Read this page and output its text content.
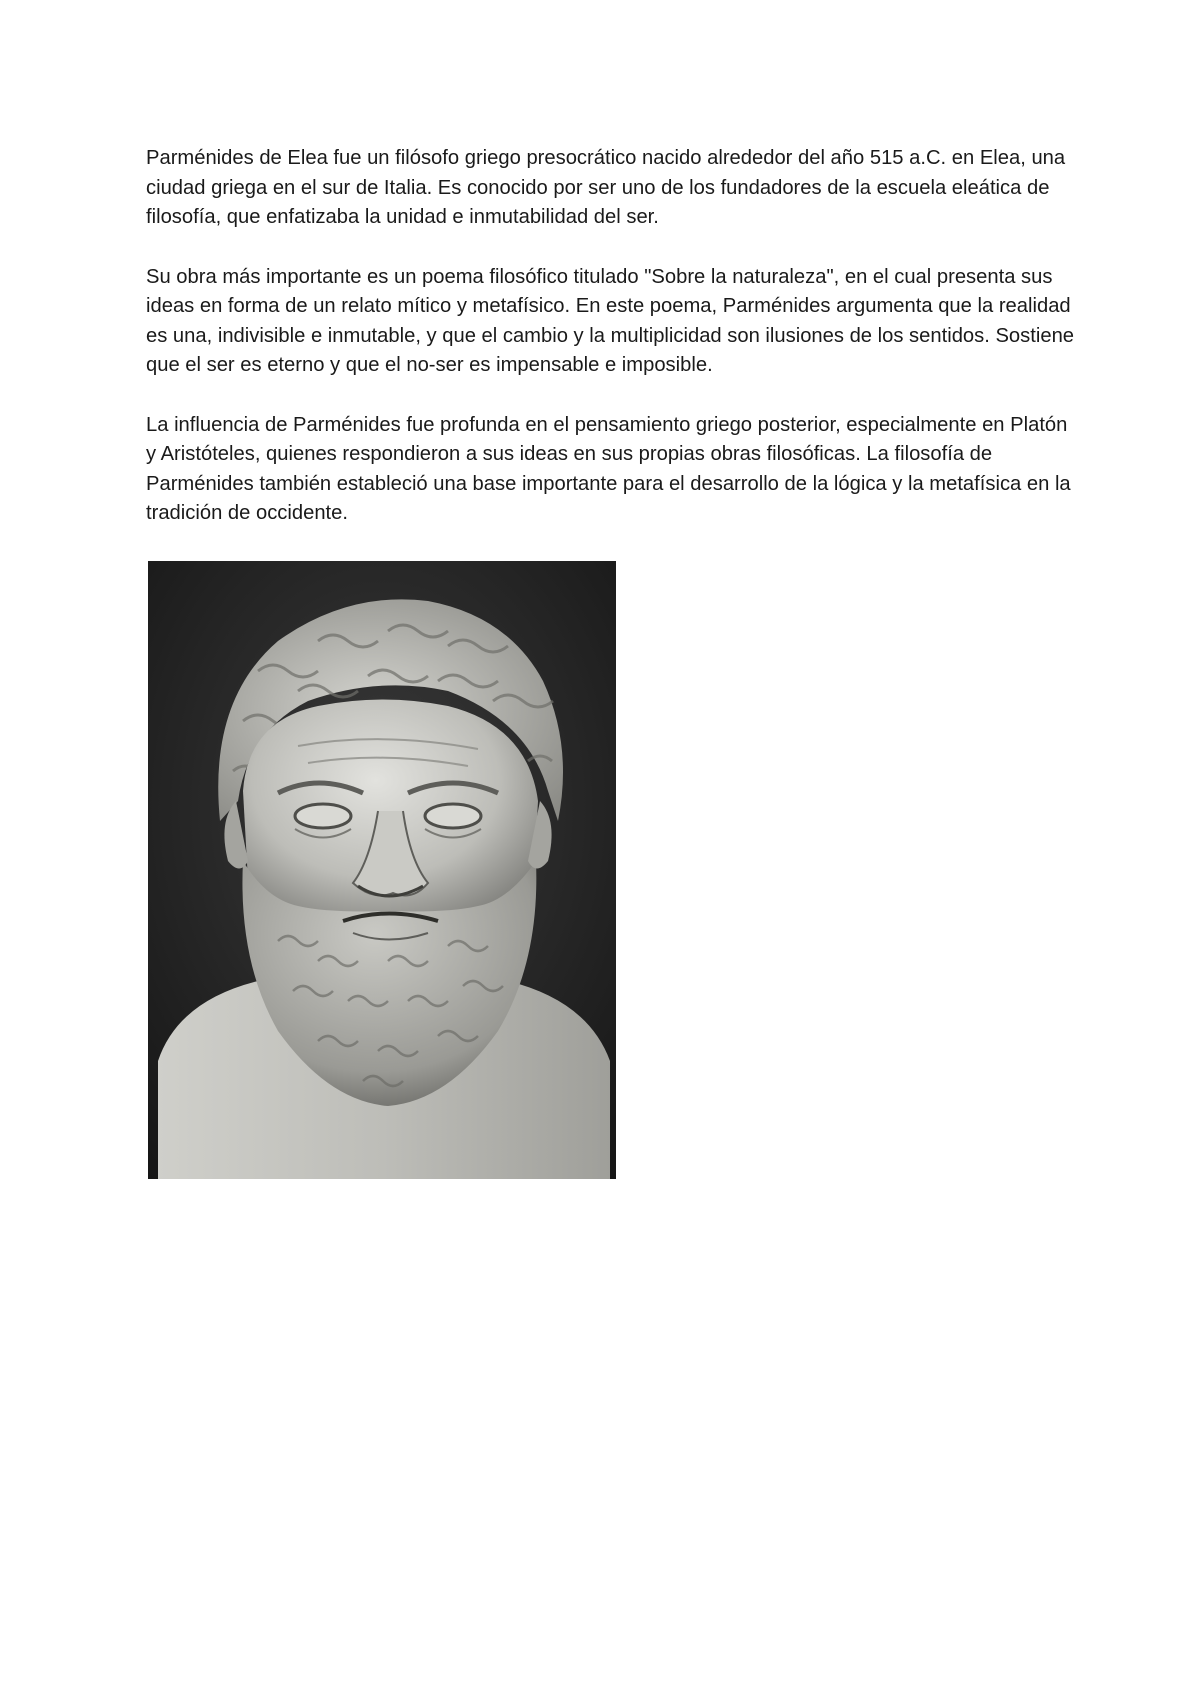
Parménides de Elea fue un filósofo griego presocrático nacido alrededor del año 515 a.C. en Elea, una ciudad griega en el sur de Italia. Es conocido por ser uno de los fundadores de la escuela eleática de filosofía, que enfatizaba la unidad e inmutabilidad del ser.

Su obra más importante es un poema filosófico titulado "Sobre la naturaleza", en el cual presenta sus ideas en forma de un relato mítico y metafísico. En este poema, Parménides argumenta que la realidad es una, indivisible e inmutable, y que el cambio y la multiplicidad son ilusiones de los sentidos. Sostiene que el ser es eterno y que el no-ser es impensable e imposible.

La influencia de Parménides fue profunda en el pensamiento griego posterior, especialmente en Platón y Aristóteles, quienes respondieron a sus ideas en sus propias obras filosóficas. La filosofía de Parménides también estableció una base importante para el desarrollo de la lógica y la metafísica en la tradición de occidente.
